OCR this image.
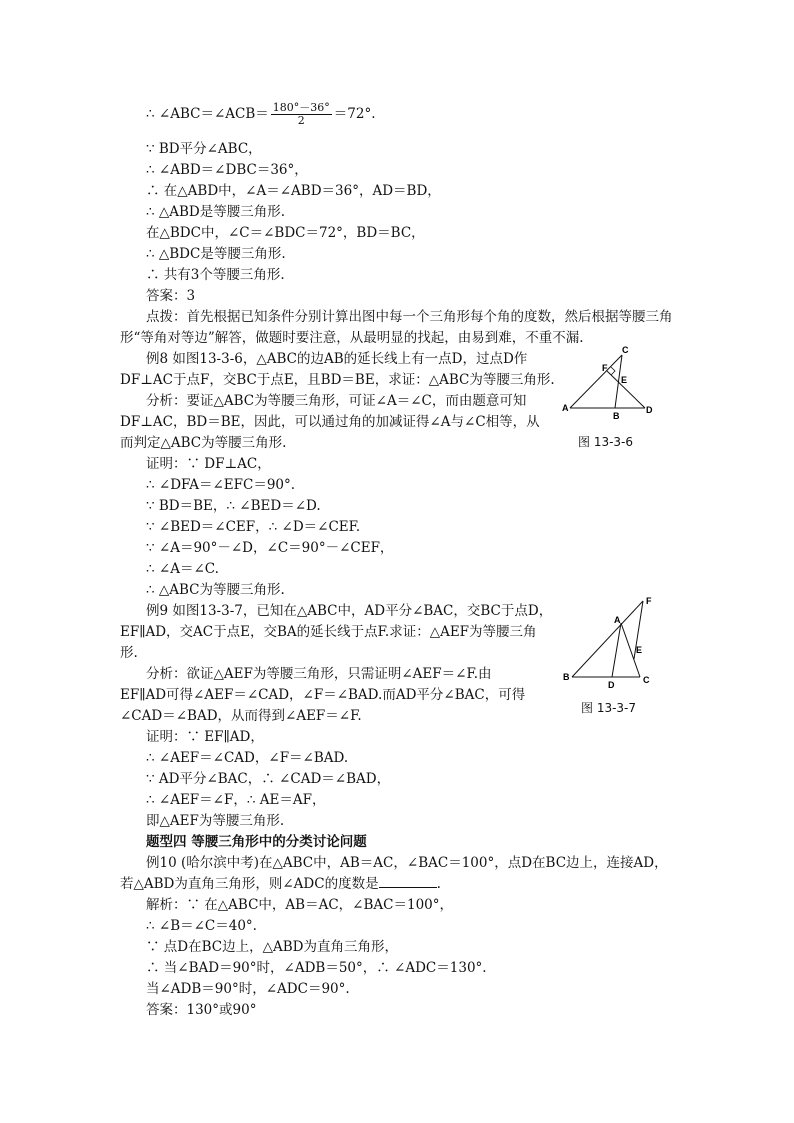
∴ ∠ABC＝∠ACB＝ $\frac{180^\circ-36^\circ}{2} =72^\circ$.
∵ BD平分∠ABC，
∴ ∠ABD＝∠DBC＝36°，
∴ 在△ABD中，∠A＝∠ABD＝36°，AD＝BD，
∴ △ABD是等腰三角形.
在△BDC中，∠C＝∠BDC＝72°，BD＝BC，
∴ △BDC是等腰三角形.
∴ 共有3个等腰三角形.
答案：3
点拨：首先根据已知条件分别计算出图中每一个三角形每个角的度数，然后根据等腰三角
形“等角对等边”解答，做题时要注意，从最明显的找起，由易到难，不重不漏.
例8 如图13-3-6，△ABC的边AB的延长线上有一点D，过点D作
DF⊥AC于点F，交BC于点E，且BD＝BE，求证：△ABC为等腰三角形.
分析：要证△ABC为等腰三角形，可证∠A＝∠C，而由题意可知
DF⊥AC，BD＝BE，因此，可以通过角的加减证得∠A与∠C相等，从
而判定△ABC为等腰三角形.
证明：∵ DF⊥AC，
∴ ∠DFA＝∠EFC＝90°.
∵ BD＝BE，∴ ∠BED＝∠D.
∵ ∠BED＝∠CEF，∴ ∠D＝∠CEF.
∵ ∠A＝90°－∠D，∠C＝90°－∠CEF，
∴ ∠A＝∠C.
∴ △ABC为等腰三角形.
例9 如图13-3-7，已知在△ABC中，AD平分∠BAC，交BC于点D，
EF∥AD，交AC于点E，交BA的延长线于点F.求证：△AEF为等腰三角
形.
分析：欲证△AEF为等腰三角形，只需证明∠AEF＝∠F.由
EF∥AD可得∠AEF＝∠CAD，∠F＝∠BAD.而AD平分∠BAC，可得
∠CAD＝∠BAD，从而得到∠AEF＝∠F.
证明：∵ EF∥AD，
∴ ∠AEF＝∠CAD，∠F＝∠BAD.
∵ AD平分∠BAC，∴ ∠CAD＝∠BAD，
∴ ∠AEF＝∠F，∴ AE＝AF，
即△AEF为等腰三角形.
题型四 等腰三角形中的分类讨论问题
例10 (哈尔滨中考)在△ABC中，AB＝AC，∠BAC＝100°，点D在BC边上，连接AD，
若△ABD为直角三角形，则∠ADC的度数是	.
解析：∵ 在△ABC中，AB＝AC，∠BAC＝100°，
∴ ∠B＝∠C＝40°.
∵ 点D在BC边上，△ABD为直角三角形，
∴ 当∠BAD＝90°时，∠ADB＝50°，∴ ∠ADC＝130°.
当∠ADB＝90°时，∠ADC＝90°.
答案：130°或90°
C
F
E
A
B
D
图 13-3-6
F
A
E
B
D	C
图 13-3-7
